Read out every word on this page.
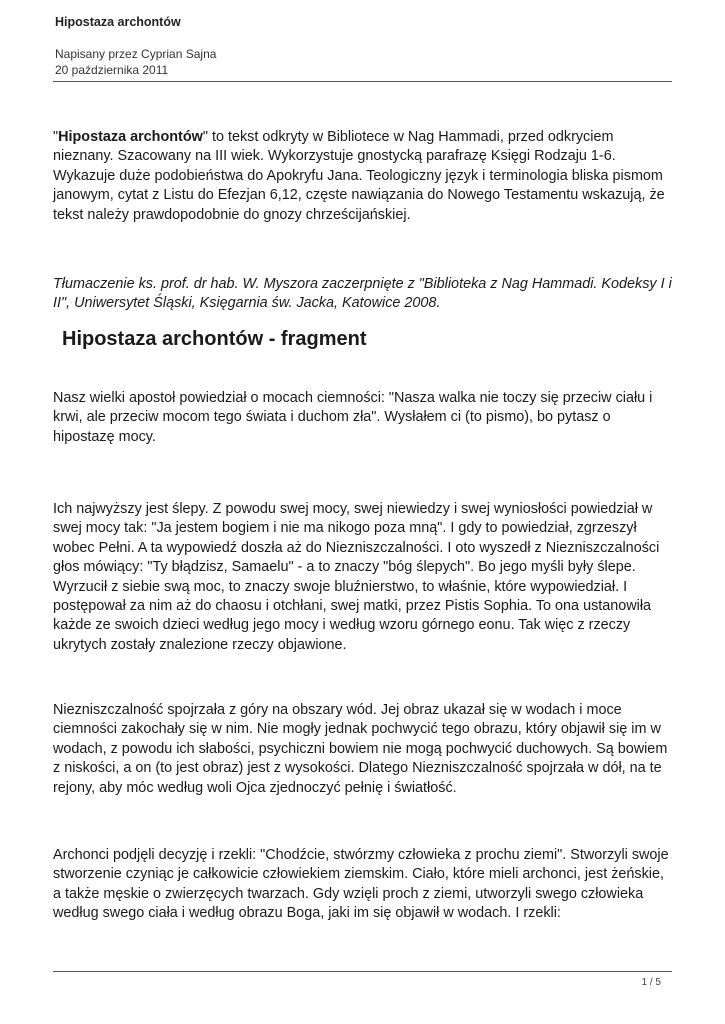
Hipostaza archontów
Napisany przez Cyprian Sajna
20 października 2011

"Hipostaza archontów" to tekst odkryty w Bibliotece w Nag Hammadi, przed odkryciem nieznany. Szacowany na III wiek. Wykorzystuje gnostycką parafrazę Księgi Rodzaju 1-6. Wykazuje duże podobieństwa do Apokryfu Jana. Teologiczny język i terminologia bliska pismom janowym, cytat z Listu do Efezjan 6,12, częste nawiązania do Nowego Testamentu wskazują, że tekst należy prawdopodobnie do gnozy chrześcijańskiej.

Tłumaczenie ks. prof. dr hab. W. Myszora zaczerpnięte z "Biblioteka z Nag Hammadi. Kodeksy I i II", Uniwersytet Śląski, Księgarnia św. Jacka, Katowice 2008.

Hipostaza archontów - fragment

Nasz wielki apostoł powiedział o mocach ciemności: "Nasza walka nie toczy się przeciw ciału i krwi, ale przeciw mocom tego świata i duchom zła". Wysłałem ci (to pismo), bo pytasz o hipostazę mocy.

Ich najwyższy jest ślepy. Z powodu swej mocy, swej niewiedzy i swej wyniosłości powiedział w swej mocy tak: "Ja jestem bogiem i nie ma nikogo poza mną". I gdy to powiedział, zgrzeszył wobec Pełni. A ta wypowiedź doszła aż do Niezniszczalności. I oto wyszedł z Niezniszczalności głos mówiący: "Ty błądzisz, Samaelu" - a to znaczy "bóg ślepych". Bo jego myśli były ślepe. Wyrzucił z siebie swą moc, to znaczy swoje bluźnierstwo, to właśnie, które wypowiedział. I postępował za nim aż do chaosu i otchłani, swej matki, przez Pistis Sophia. To ona ustanowiła każde ze swoich dzieci według jego mocy i według wzoru górnego eonu. Tak więc z rzeczy ukrytych zostały znalezione rzeczy objawione.

Niezniszczalność spojrzała z góry na obszary wód. Jej obraz ukazał się w wodach i moce ciemności zakochały się w nim. Nie mogły jednak pochwycić tego obrazu, który objawił się im w wodach, z powodu ich słabości, psychiczni bowiem nie mogą pochwycić duchowych. Są bowiem z niskości, a on (to jest obraz) jest z wysokości. Dlatego Niezniszczalność spojrzała w dół, na te rejony, aby móc według woli Ojca zjednoczyć pełnię i światłość.

Archonci podjęli decyzję i rzekli: "Chodźcie, stwórzmy człowieka z prochu ziemi". Stworzyli swoje stworzenie czyniąc je całkowicie człowiekiem ziemskim. Ciało, które mieli archonci, jest żeńskie, a także męskie o zwierzęcych twarzach. Gdy wzięli proch z ziemi, utworzyli swego człowieka według swego ciała i według obrazu Boga, jaki im się objawił w wodach. I rzekli:

1 / 5
